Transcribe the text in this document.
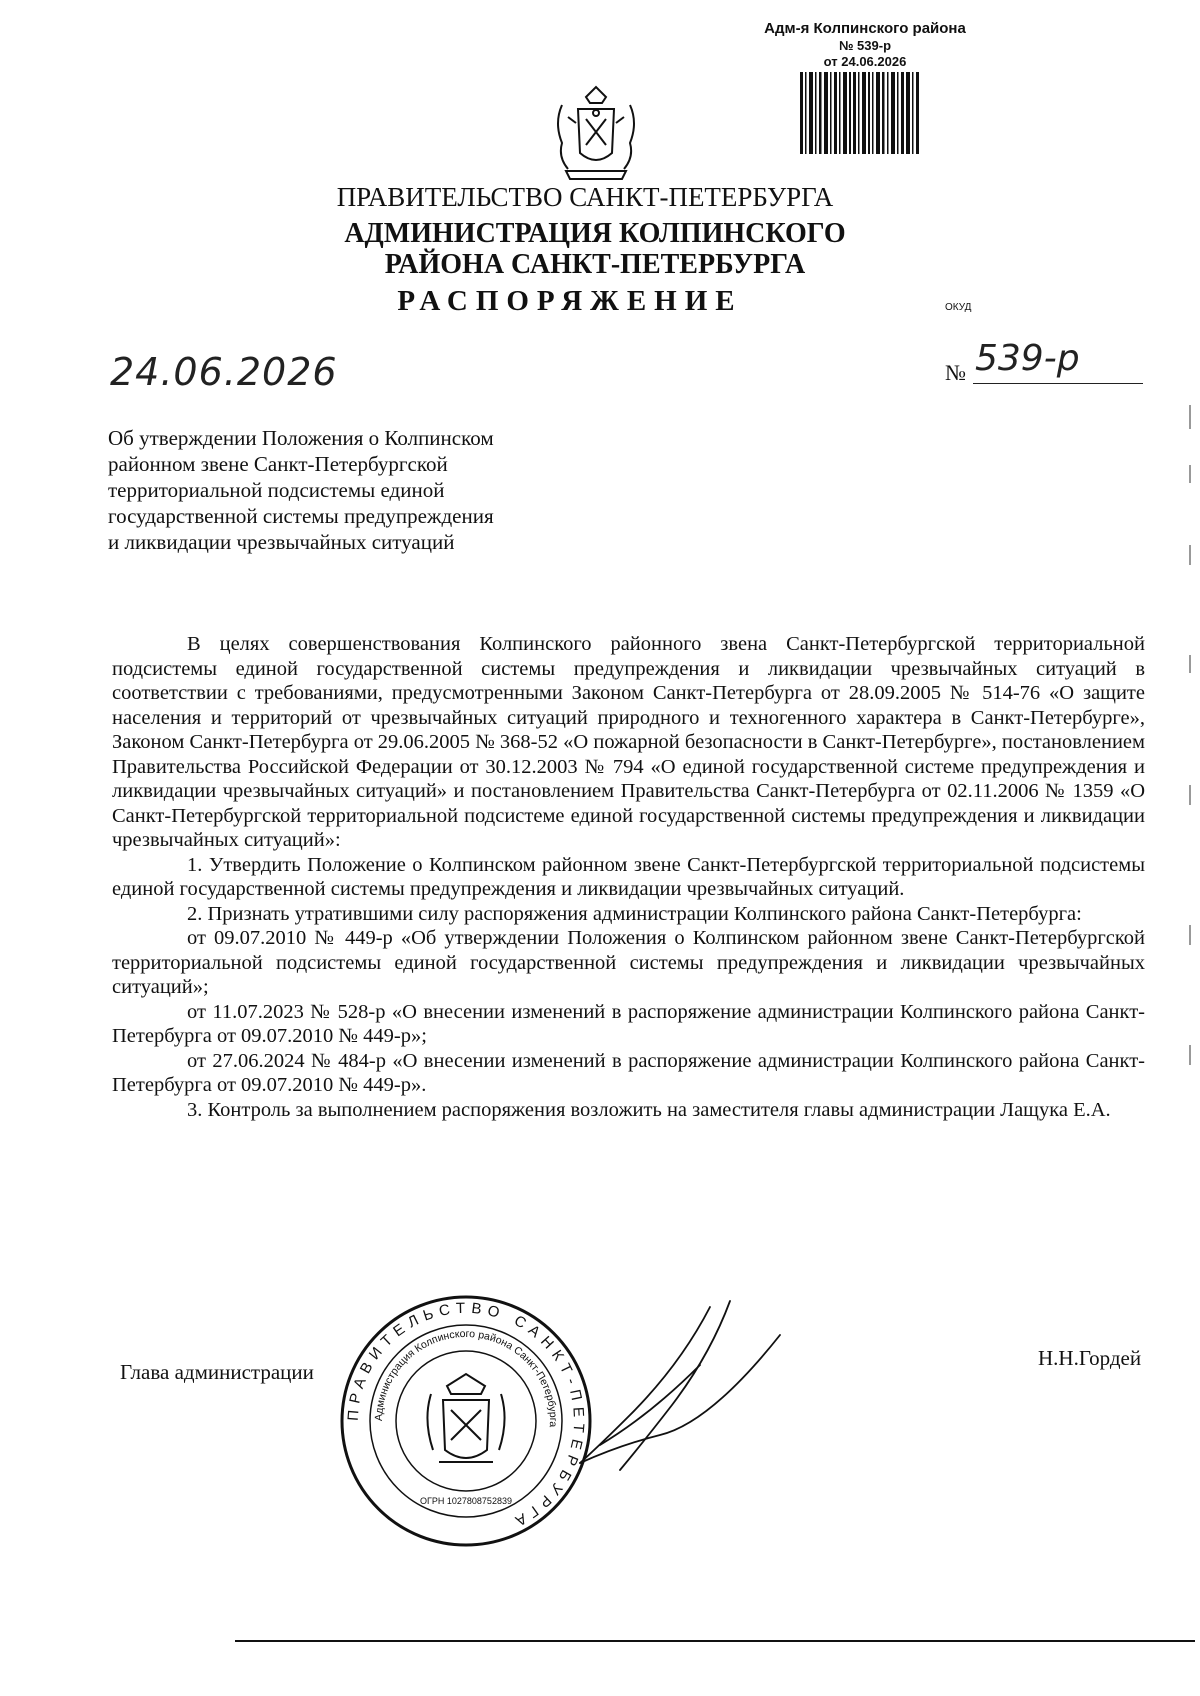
Адм-я Колпинского района
№ 539-р
от 24.06.2026
ПРАВИТЕЛЬСТВО САНКТ-ПЕТЕРБУРГА
АДМИНИСТРАЦИЯ КОЛПИНСКОГО
РАЙОНА САНКТ-ПЕТЕРБУРГА
РАСПОРЯЖЕНИЕ	ОКУД
24.06.2026	№ 539-р
Об утверждении Положения о Колпинском
районном звене Санкт-Петербургской
территориальной подсистемы единой
государственной системы предупреждения
и ликвидации чрезвычайных ситуаций

В целях совершенствования Колпинского районного звена Санкт-Петербургской территориальной подсистемы единой государственной системы предупреждения и ликвидации чрезвычайных ситуаций в соответствии с требованиями, предусмотренными Законом Санкт-Петербурга от 28.09.2005 № 514-76 «О защите населения и территорий от чрезвычайных ситуаций природного и техногенного характера в Санкт-Петербурге», Законом Санкт-Петербурга от 29.06.2005 № 368-52 «О пожарной безопасности в Санкт-Петербурге», постановлением Правительства Российской Федерации от 30.12.2003 № 794 «О единой государственной системе предупреждения и ликвидации чрезвычайных ситуаций» и постановлением Правительства Санкт-Петербурга от 02.11.2006 № 1359 «О Санкт-Петербургской территориальной подсистеме единой государственной системы предупреждения и ликвидации чрезвычайных ситуаций»:

1. Утвердить Положение о Колпинском районном звене Санкт-Петербургской территориальной подсистемы единой государственной системы предупреждения и ликвидации чрезвычайных ситуаций.

2. Признать утратившими силу распоряжения администрации Колпинского района Санкт-Петербурга:

от 09.07.2010 № 449-р «Об утверждении Положения о Колпинском районном звене Санкт-Петербургской территориальной подсистемы единой государственной системы предупреждения и ликвидации чрезвычайных ситуаций»;

от 11.07.2023 № 528-р «О внесении изменений в распоряжение администрации Колпинского района Санкт-Петербурга от 09.07.2010 № 449-р»;

от 27.06.2024 № 484-р «О внесении изменений в распоряжение администрации Колпинского района Санкт-Петербурга от 09.07.2010 № 449-р».

3. Контроль за выполнением распоряжения возложить на заместителя главы администрации Лащука Е.А.

Глава администрации
Н.Н.Гордей
ПРАВИТЕЛЬСТВО САНКТ-ПЕТЕРБУРГА
Администрация Колпинского района Санкт-Петербурга
ОГРН 1027808752839
